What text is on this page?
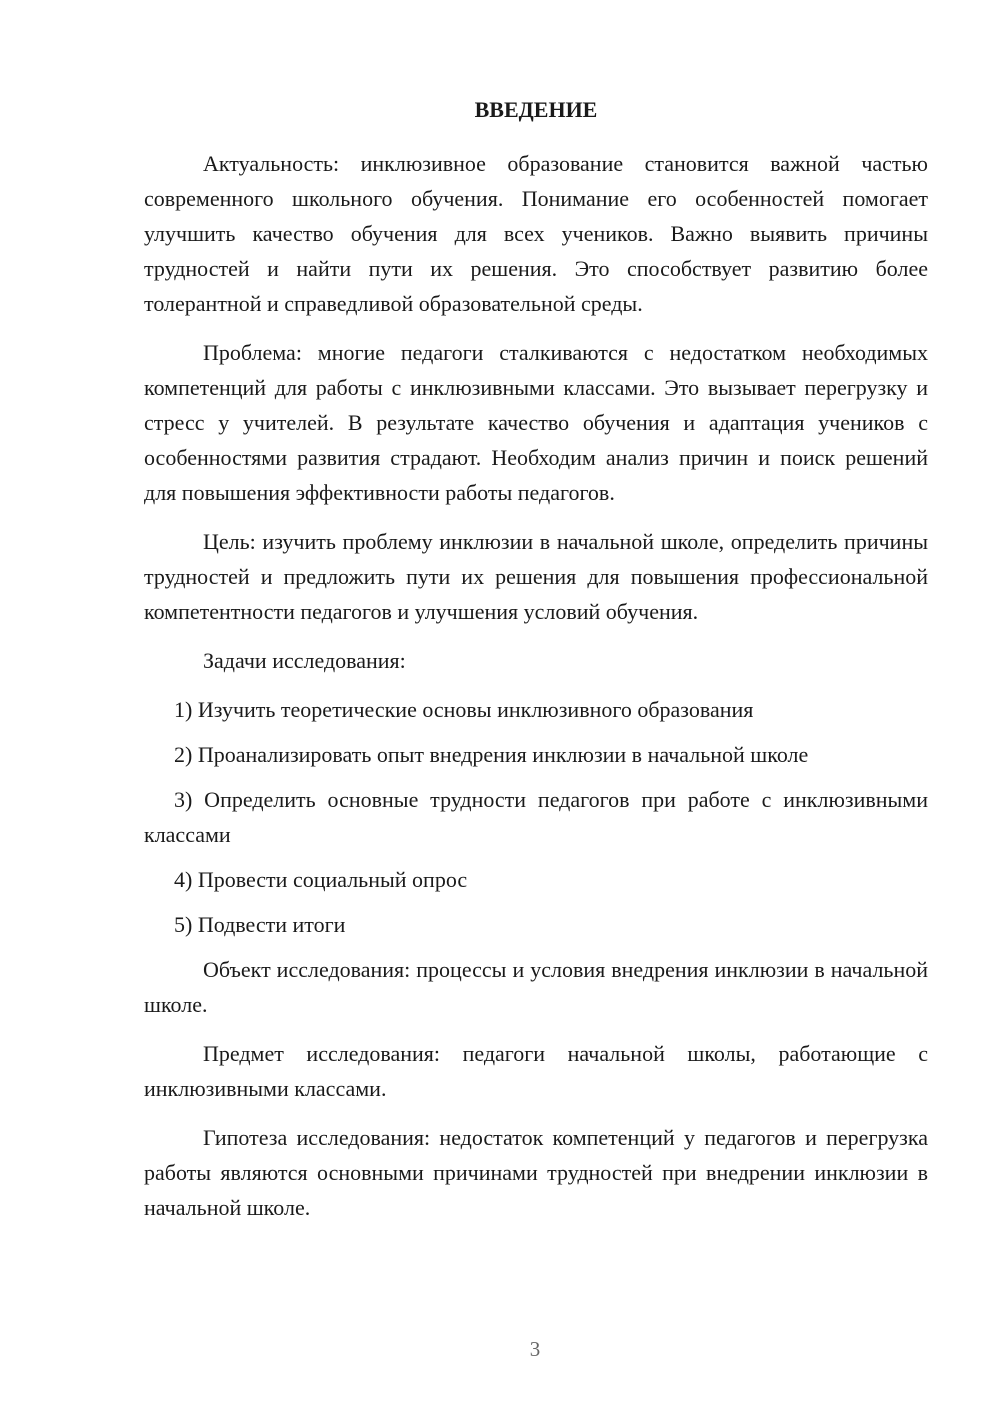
ВВЕДЕНИЕ

Актуальность: инклюзивное образование становится важной частью современного школьного обучения. Понимание его особенностей помогает улучшить качество обучения для всех учеников. Важно выявить причины трудностей и найти пути их решения. Это способствует развитию более толерантной и справедливой образовательной среды.

Проблема: многие педагоги сталкиваются с недостатком необходимых компетенций для работы с инклюзивными классами. Это вызывает перегрузку и стресс у учителей. В результате качество обучения и адаптация учеников с особенностями развития страдают. Необходим анализ причин и поиск решений для повышения эффективности работы педагогов.

Цель: изучить проблему инклюзии в начальной школе, определить причины трудностей и предложить пути их решения для повышения профессиональной компетентности педагогов и улучшения условий обучения.

Задачи исследования:

1) Изучить теоретические основы инклюзивного образования

2) Проанализировать опыт внедрения инклюзии в начальной школе

3) Определить основные трудности педагогов при работе с инклюзивными классами

4) Провести социальный опрос

5) Подвести итоги

Объект исследования: процессы и условия внедрения инклюзии в начальной школе.

Предмет исследования: педагоги начальной школы, работающие с инклюзивными классами.

Гипотеза исследования: недостаток компетенций у педагогов и перегрузка работы являются основными причинами трудностей при внедрении инклюзии в начальной школе.

3
